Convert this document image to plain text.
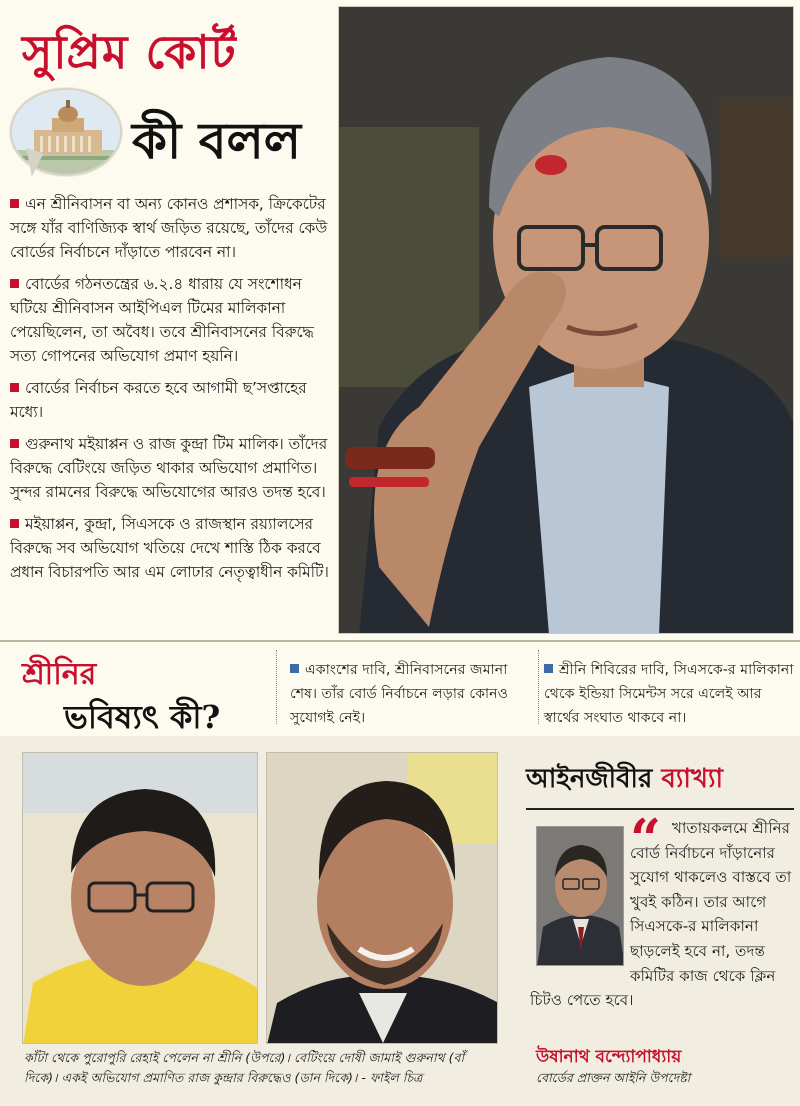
সুপ্রিম কোর্ট
কী বলল

এন শ্রীনিবাসন বা অন্য কোনও প্রশাসক, ক্রিকেটের সঙ্গে যাঁর বাণিজ্যিক স্বার্থ জড়িত রয়েছে, তাঁদের কেউ বোর্ডের নির্বাচনে দাঁড়াতে পারবেন না।

বোর্ডের গঠনতন্ত্রের ৬.২.৪ ধারায় যে সংশোধন ঘটিয়ে শ্রীনিবাসন আইপিএল টিমের মালিকানা পেয়েছিলেন, তা অবৈধ। তবে শ্রীনিবাসনের বিরুদ্ধে সত্য গোপনের অভিযোগ প্রমাণ হয়নি।

বোর্ডের নির্বাচন করতে হবে আগামী ছ’সপ্তাহের মধ্যে।

গুরুনাথ মইয়াপ্পন ও রাজ কুন্দ্রা টিম মালিক। তাঁদের বিরুদ্ধে বেটিংয়ে জড়িত থাকার অভিযোগ প্রমাণিত। সুন্দর রামনের বিরুদ্ধে অভিযোগের আরও তদন্ত হবে।

মইয়াপ্পন, কুন্দ্রা, সিএসকে ও রাজস্থান রয়্যালসের বিরুদ্ধে সব অভিযোগ খতিয়ে দেখে শাস্তি ঠিক করবে প্রধান বিচারপতি আর এম লোঢার নেতৃত্বাধীন কমিটি।

শ্রীনির
ভবিষ্যৎ কী?
একাংশের দাবি, শ্রীনিবাসনের জমানা শেষ। তাঁর বোর্ড নির্বাচনে লড়ার কোনও সুযোগই নেই।
শ্রীনি শিবিরের দাবি, সিএসকে-র মালিকানা থেকে ইন্ডিয়া সিমেন্টস সরে এলেই আর স্বার্থের সংঘাত থাকবে না।
কাঁটা থেকে পুরোপুরি রেহাই পেলেন না শ্রীনি (উপরে)। বেটিংয়ে দোষী জামাই গুরুনাথ (বাঁ দিকে)। একই অভিযোগ প্রমাণিত রাজ কুন্দ্রার বিরুদ্ধেও (ডান দিকে)। - ফাইল চিত্র
আইনজীবীর ব্যাখ্যা
“ খাতায়কলমে শ্রীনির বোর্ড নির্বাচনে দাঁড়ানোর সুযোগ থাকলেও বাস্তবে তা খুবই কঠিন। তার আগে সিএসকে-র মালিকানা ছাড়লেই হবে না, তদন্ত কমিটির কাজ থেকে ক্লিন চিটও পেতে হবে।
উষানাথ বন্দ্যোপাধ্যায়
বোর্ডের প্রাক্তন আইনি উপদেষ্টা
